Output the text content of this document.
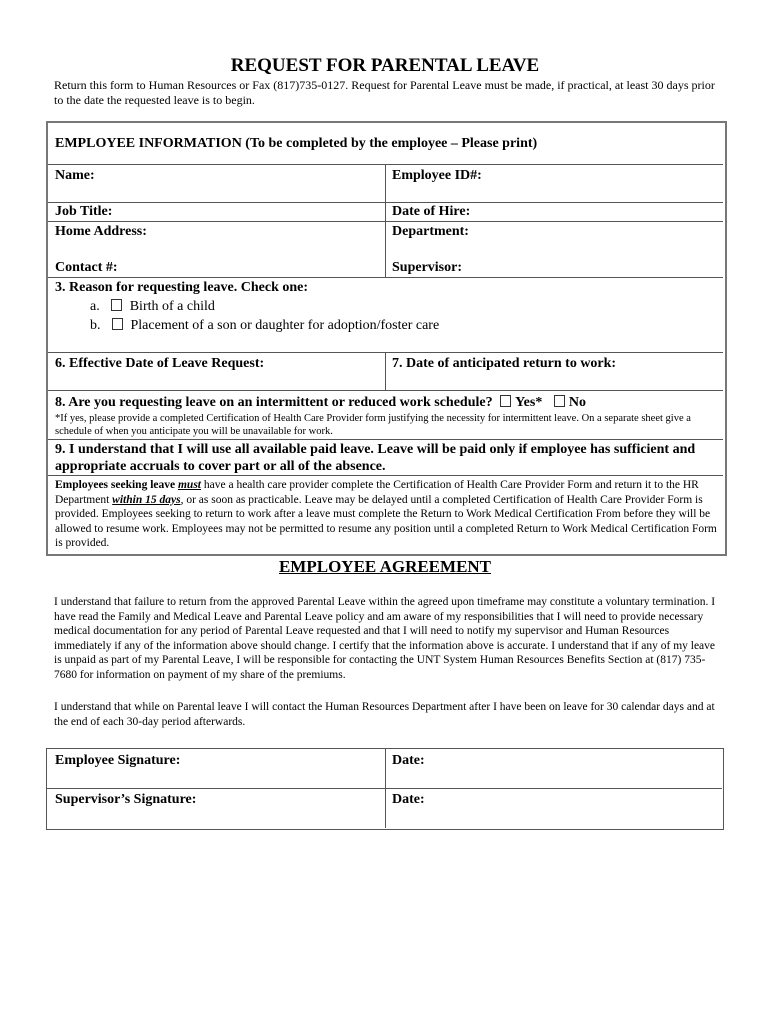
REQUEST FOR PARENTAL LEAVE
Return this form to Human Resources or Fax (817)735-0127. Request for Parental Leave must be made, if practical, at least 30 days prior to the date the requested leave is to begin.
EMPLOYEE INFORMATION (To be completed by the employee – Please print)
Name:	Employee ID#:
Job Title:	Date of Hire:
Home Address:	Department:
Contact #:	Supervisor:
3. Reason for requesting leave. Check one:
a. Birth of a child
b. Placement of a son or daughter for adoption/foster care
6. Effective Date of Leave Request:	7. Date of anticipated return to work:
8. Are you requesting leave on an intermittent or reduced work schedule? Yes* No
*If yes, please provide a completed Certification of Health Care Provider form justifying the necessity for intermittent leave. On a separate sheet give a schedule of when you anticipate you will be unavailable for work.
9. I understand that I will use all available paid leave. Leave will be paid only if employee has sufficient and appropriate accruals to cover part or all of the absence.
Employees seeking leave must have a health care provider complete the Certification of Health Care Provider Form and return it to the HR Department within 15 days, or as soon as practicable. Leave may be delayed until a completed Certification of Health Care Provider Form is provided. Employees seeking to return to work after a leave must complete the Return to Work Medical Certification From before they will be allowed to resume work. Employees may not be permitted to resume any position until a completed Return to Work Medical Certification Form is provided.
EMPLOYEE AGREEMENT
I understand that failure to return from the approved Parental Leave within the agreed upon timeframe may constitute a voluntary termination. I have read the Family and Medical Leave and Parental Leave policy and am aware of my responsibilities that I will need to provide necessary medical documentation for any period of Parental Leave requested and that I will need to notify my supervisor and Human Resources immediately if any of the information above should change. I certify that the information above is accurate. I understand that if any of my leave is unpaid as part of my Parental Leave, I will be responsible for contacting the UNT System Human Resources Benefits Section at (817) 735-7680 for information on payment of my share of the premiums.
I understand that while on Parental leave I will contact the Human Resources Department after I have been on leave for 30 calendar days and at the end of each 30-day period afterwards.
Employee Signature:	Date:
Supervisor’s Signature:	Date:
